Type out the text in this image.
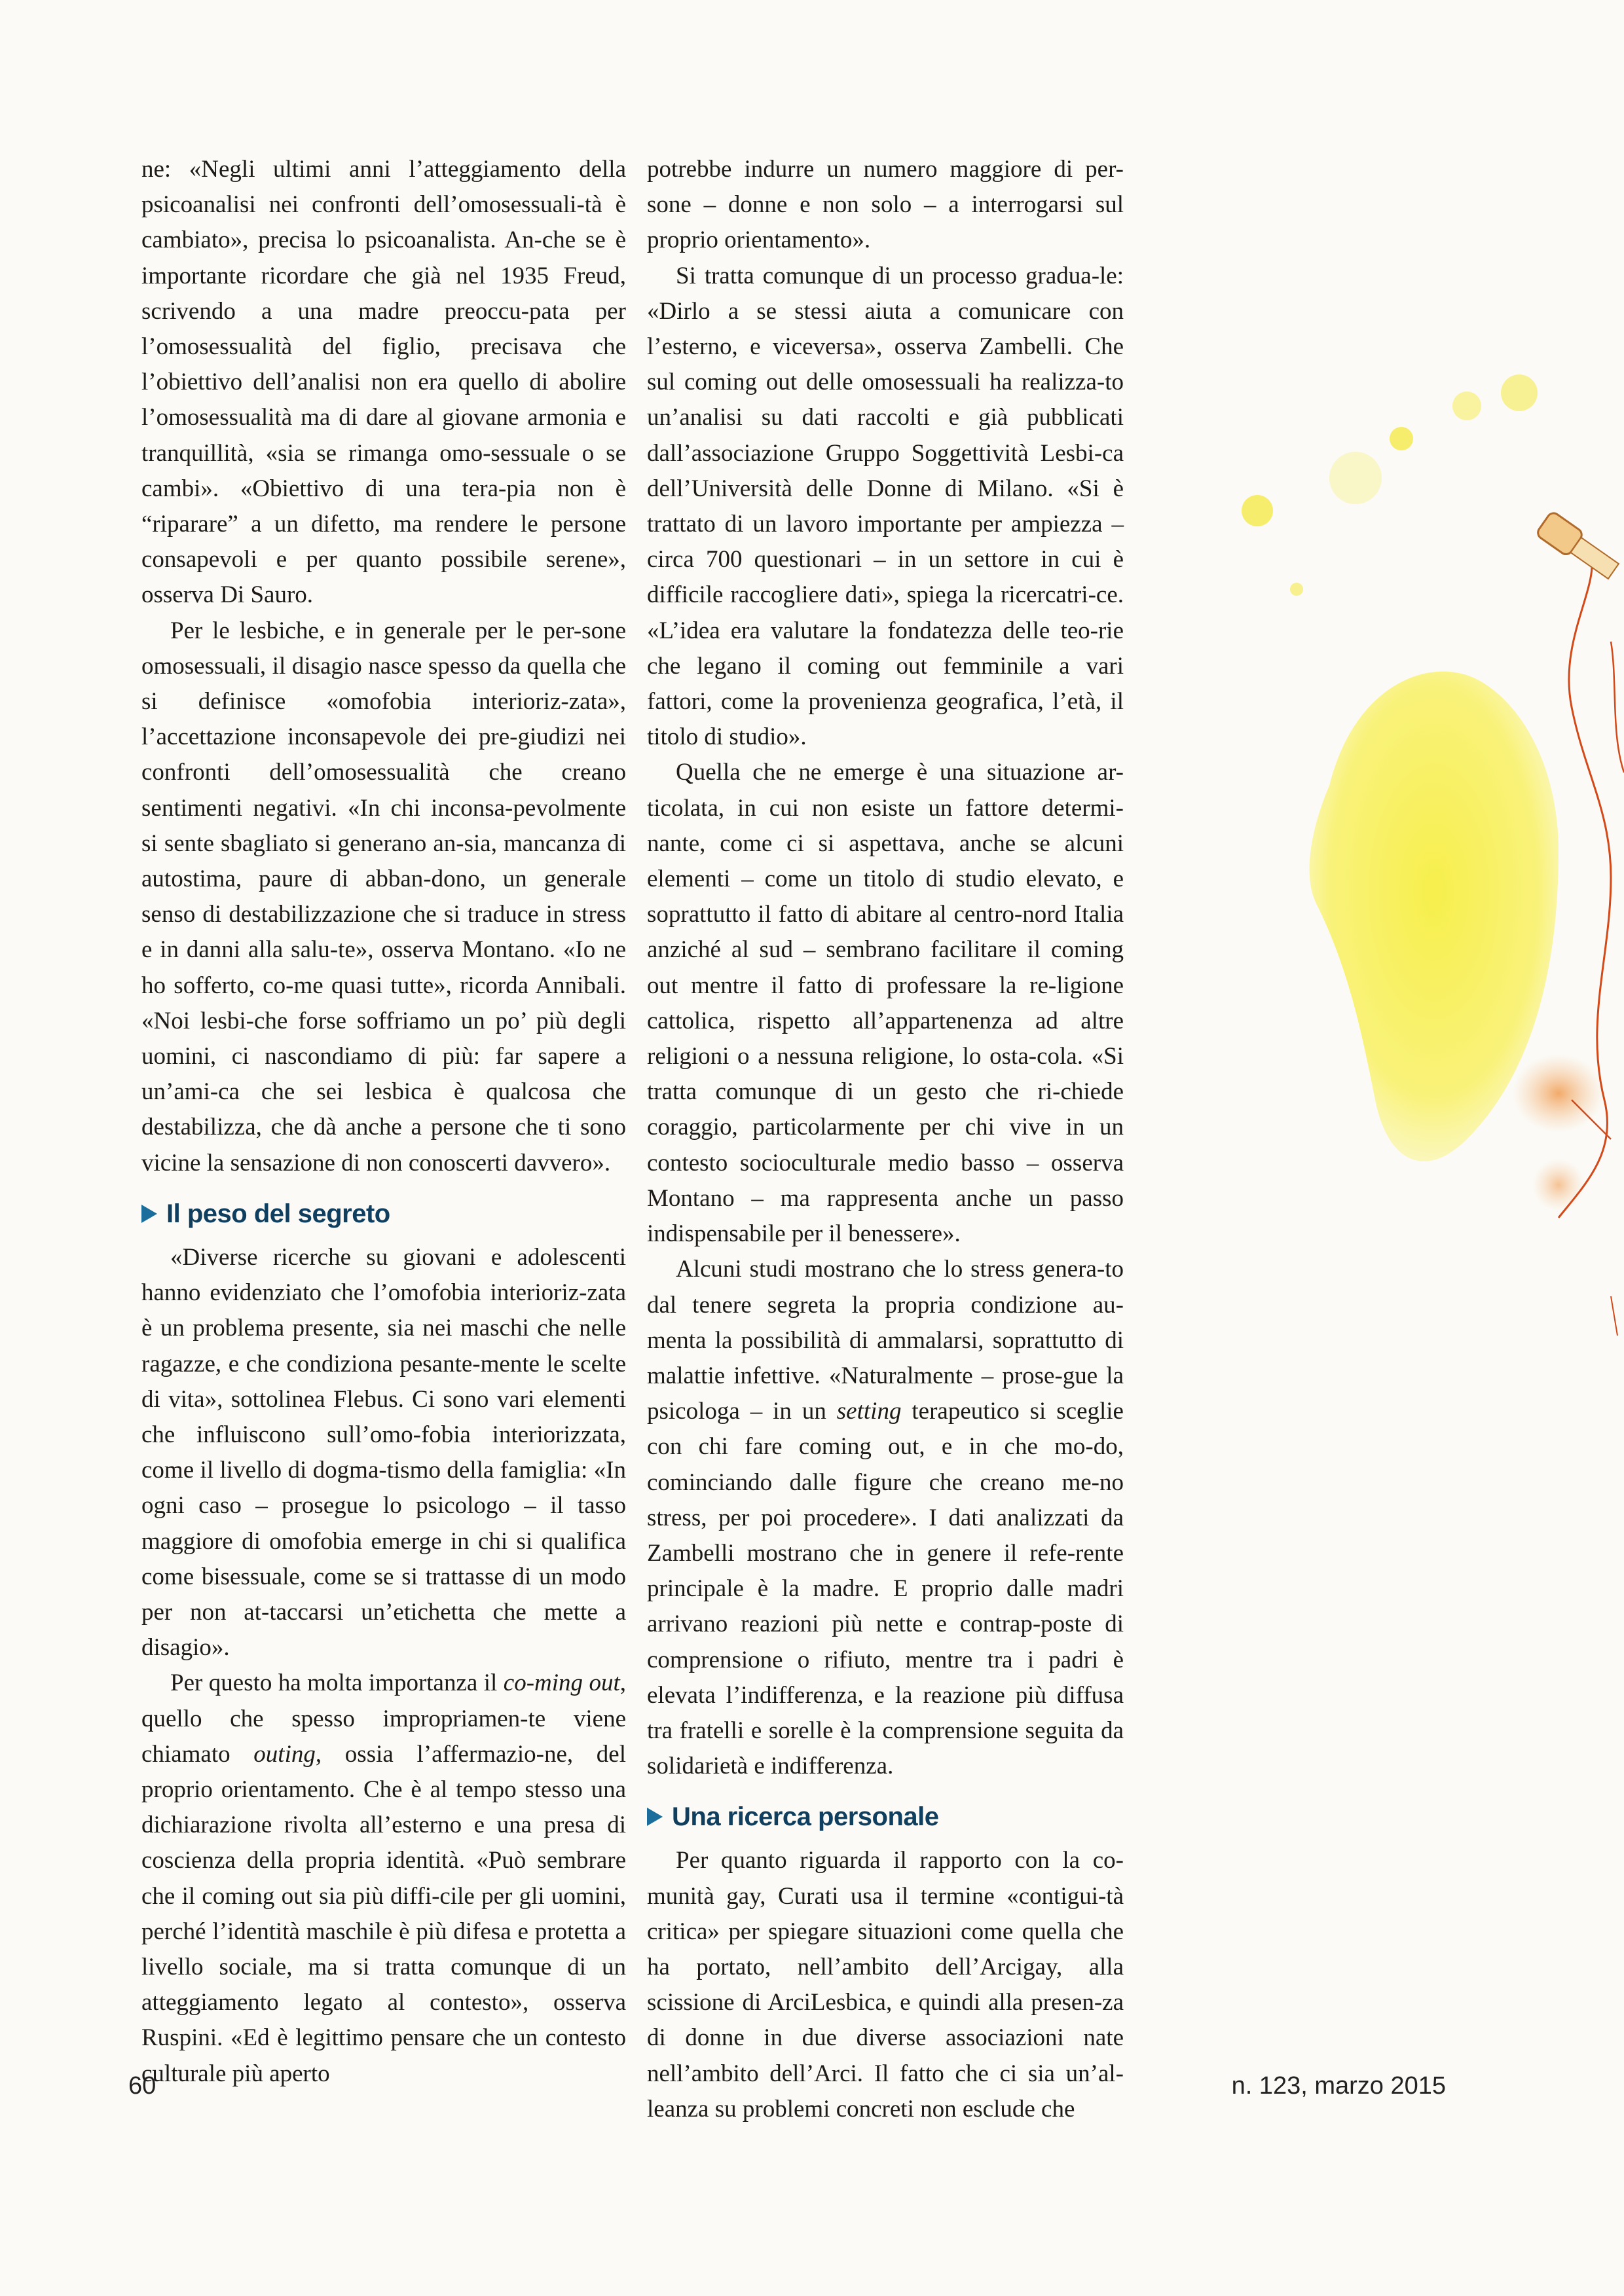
ne: «Negli ultimi anni l’atteggiamento della psicoanalisi nei confronti dell’omosessuali-tà è cambiato», precisa lo psicoanalista. An-che se è importante ricordare che già nel 1935 Freud, scrivendo a una madre preoccu-pata per l’omosessualità del figlio, precisava che l’obiettivo dell’analisi non era quello di abolire l’omosessualità ma di dare al giovane armonia e tranquillità, «sia se rimanga omo-sessuale o se cambi». «Obiettivo di una tera-pia non è “riparare” a un difetto, ma rendere le persone consapevoli e per quanto possibile serene», osserva Di Sauro.

Per le lesbiche, e in generale per le per-sone omosessuali, il disagio nasce spesso da quella che si definisce «omofobia interioriz-zata», l’accettazione inconsapevole dei pre-giudizi nei confronti dell’omosessualità che creano sentimenti negativi. «In chi inconsa-pevolmente si sente sbagliato si generano an-sia, mancanza di autostima, paure di abban-dono, un generale senso di destabilizzazione che si traduce in stress e in danni alla salu-te», osserva Montano. «Io ne ho sofferto, co-me quasi tutte», ricorda Annibali. «Noi lesbi-che forse soffriamo un po’ più degli uomini, ci nascondiamo di più: far sapere a un’ami-ca che sei lesbica è qualcosa che destabilizza, che dà anche a persone che ti sono vicine la sensazione di non conoscerti davvero».

Il peso del segreto

«Diverse ricerche su giovani e adolescenti hanno evidenziato che l’omofobia interioriz-zata è un problema presente, sia nei maschi che nelle ragazze, e che condiziona pesante-mente le scelte di vita», sottolinea Flebus. Ci sono vari elementi che influiscono sull’omo-fobia interiorizzata, come il livello di dogma-tismo della famiglia: «In ogni caso – prosegue lo psicologo – il tasso maggiore di omofobia emerge in chi si qualifica come bisessuale, come se si trattasse di un modo per non at-taccarsi un’etichetta che mette a disagio».

Per questo ha molta importanza il co-ming out, quello che spesso impropriamen-te viene chiamato outing, ossia l’affermazio-ne, del proprio orientamento. Che è al tempo stesso una dichiarazione rivolta all’esterno e una presa di coscienza della propria identità. «Può sembrare che il coming out sia più diffi-cile per gli uomini, perché l’identità maschile è più difesa e protetta a livello sociale, ma si tratta comunque di un atteggiamento legato al contesto», osserva Ruspini. «Ed è legittimo pensare che un contesto culturale più aperto

potrebbe indurre un numero maggiore di per-sone – donne e non solo – a interrogarsi sul proprio orientamento».

Si tratta comunque di un processo gradua-le: «Dirlo a se stessi aiuta a comunicare con l’esterno, e viceversa», osserva Zambelli. Che sul coming out delle omosessuali ha realizza-to un’analisi su dati raccolti e già pubblicati dall’associazione Gruppo Soggettività Lesbi-ca dell’Università delle Donne di Milano. «Si è trattato di un lavoro importante per ampiezza – circa 700 questionari – in un settore in cui è difficile raccogliere dati», spiega la ricercatri-ce. «L’idea era valutare la fondatezza delle teo-rie che legano il coming out femminile a vari fattori, come la provenienza geografica, l’età, il titolo di studio».

Quella che ne emerge è una situazione ar-ticolata, in cui non esiste un fattore determi-nante, come ci si aspettava, anche se alcuni elementi – come un titolo di studio elevato, e soprattutto il fatto di abitare al centro-nord Italia anziché al sud – sembrano facilitare il coming out mentre il fatto di professare la re-ligione cattolica, rispetto all’appartenenza ad altre religioni o a nessuna religione, lo osta-cola. «Si tratta comunque di un gesto che ri-chiede coraggio, particolarmente per chi vive in un contesto socioculturale medio basso – osserva Montano – ma rappresenta anche un passo indispensabile per il benessere».

Alcuni studi mostrano che lo stress genera-to dal tenere segreta la propria condizione au-menta la possibilità di ammalarsi, soprattutto di malattie infettive. «Naturalmente – prose-gue la psicologa – in un setting terapeutico si sceglie con chi fare coming out, e in che mo-do, cominciando dalle figure che creano me-no stress, per poi procedere». I dati analizzati da Zambelli mostrano che in genere il refe-rente principale è la madre. E proprio dalle madri arrivano reazioni più nette e contrap-poste di comprensione o rifiuto, mentre tra i padri è elevata l’indifferenza, e la reazione più diffusa tra fratelli e sorelle è la comprensione seguita da solidarietà e indifferenza.

Una ricerca personale

Per quanto riguarda il rapporto con la co-munità gay, Curati usa il termine «contigui-tà critica» per spiegare situazioni come quella che ha portato, nell’ambito dell’Arcigay, alla scissione di ArciLesbica, e quindi alla presen-za di donne in due diverse associazioni nate nell’ambito dell’Arci. Il fatto che ci sia un’al-leanza su problemi concreti non esclude che

60	n. 123, marzo 2015
